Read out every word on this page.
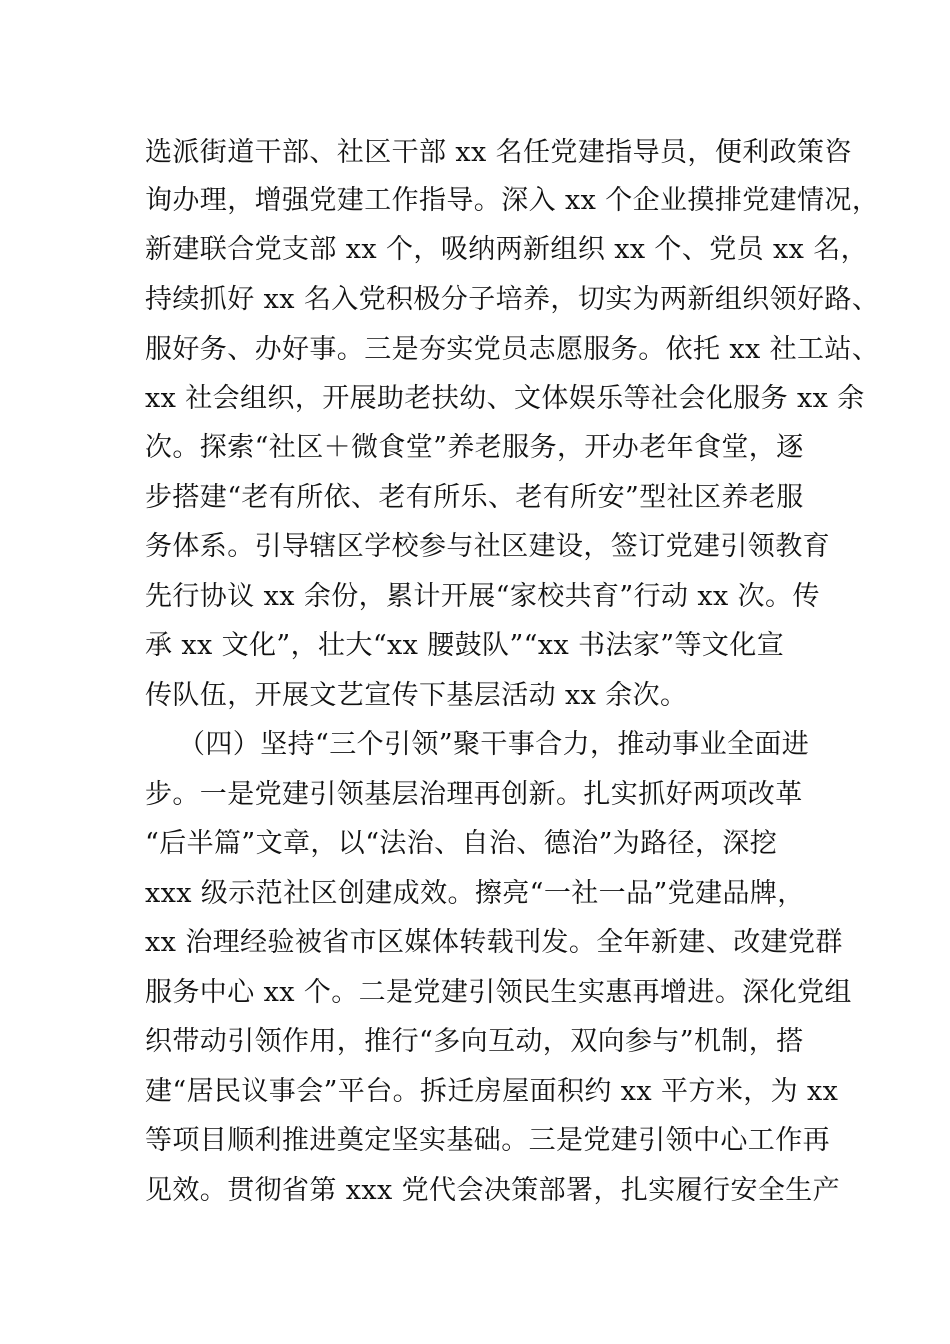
选派街道干部、社区干部 xx 名任党建指导员，便利政策咨
询办理，增强党建工作指导。深入 xx 个企业摸排党建情况，
新建联合党支部 xx 个，吸纳两新组织 xx 个、党员 xx 名，
持续抓好 xx 名入党积极分子培养，切实为两新组织领好路、
服好务、办好事。三是夯实党员志愿服务。依托 xx 社工站、
xx 社会组织，开展助老扶幼、文体娱乐等社会化服务 xx 余
次。探索“社区＋微食堂”养老服务，开办老年食堂，逐
步搭建“老有所依、老有所乐、老有所安”型社区养老服
务体系。引导辖区学校参与社区建设，签订党建引领教育
先行协议 xx 余份，累计开展“家校共育”行动 xx 次。传
承 xx 文化”，壮大“xx 腰鼓队”“xx 书法家”等文化宣
传队伍，开展文艺宣传下基层活动 xx 余次。
（四）坚持“三个引领”聚干事合力，推动事业全面进
步。一是党建引领基层治理再创新。扎实抓好两项改革
“后半篇”文章，以“法治、自治、德治”为路径，深挖
xxx 级示范社区创建成效。擦亮“一社一品”党建品牌，
xx 治理经验被省市区媒体转载刊发。全年新建、改建党群
服务中心 xx 个。二是党建引领民生实惠再增进。深化党组
织带动引领作用，推行“多向互动，双向参与”机制，搭
建“居民议事会”平台。拆迁房屋面积约 xx 平方米，为 xx
等项目顺利推进奠定坚实基础。三是党建引领中心工作再
见效。贯彻省第 xxx 党代会决策部署，扎实履行安全生产
